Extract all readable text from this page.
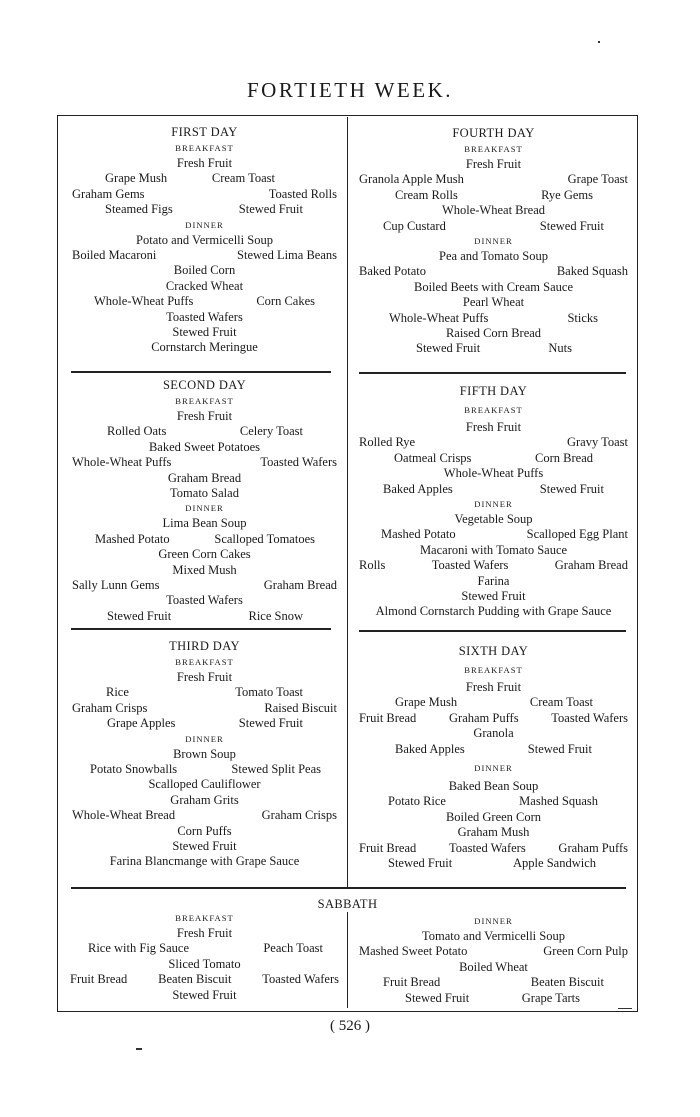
FORTIETH WEEK.
FIRST DAY
BREAKFAST
Fresh Fruit
Grape Mush	Cream Toast
Graham Gems	Toasted Rolls
Steamed Figs	Stewed Fruit
DINNER
Potato and Vermicelli Soup
Boiled Macaroni	Stewed Lima Beans
Boiled Corn
Cracked Wheat
Whole-Wheat Puffs	Corn Cakes
Toasted Wafers
Stewed Fruit
Cornstarch Meringue
SECOND DAY
BREAKFAST
Fresh Fruit
Rolled Oats	Celery Toast
Baked Sweet Potatoes
Whole-Wheat Puffs	Toasted Wafers
Graham Bread
Tomato Salad
DINNER
Lima Bean Soup
Mashed Potato	Scalloped Tomatoes
Green Corn Cakes
Mixed Mush
Sally Lunn Gems	Graham Bread
Toasted Wafers
Stewed Fruit	Rice Snow
THIRD DAY
BREAKFAST
Fresh Fruit
Rice	Tomato Toast
Graham Crisps	Raised Biscuit
Grape Apples	Stewed Fruit
DINNER
Brown Soup
Potato Snowballs	Stewed Split Peas
Scalloped Cauliflower
Graham Grits
Whole-Wheat Bread	Graham Crisps
Corn Puffs
Stewed Fruit
Farina Blancmange with Grape Sauce
FOURTH DAY
BREAKFAST
Fresh Fruit
Granola Apple Mush	Grape Toast
Cream Rolls	Rye Gems
Whole-Wheat Bread
Cup Custard	Stewed Fruit
DINNER
Pea and Tomato Soup
Baked Potato	Baked Squash
Boiled Beets with Cream Sauce
Pearl Wheat
Whole-Wheat Puffs	Sticks
Raised Corn Bread
Stewed Fruit	Nuts
FIFTH DAY
BREAKFAST
Fresh Fruit
Rolled Rye	Gravy Toast
Oatmeal Crisps	Corn Bread
Whole-Wheat Puffs
Baked Apples	Stewed Fruit
DINNER
Vegetable Soup
Mashed Potato	Scalloped Egg Plant
Macaroni with Tomato Sauce
Rolls	Toasted Wafers	Graham Bread
Farina
Stewed Fruit
Almond Cornstarch Pudding with Grape Sauce
SIXTH DAY
BREAKFAST
Fresh Fruit
Grape Mush	Cream Toast
Fruit Bread	Graham Puffs	Toasted Wafers
Granola
Baked Apples	Stewed Fruit
DINNER
Baked Bean Soup
Potato Rice	Mashed Squash
Boiled Green Corn
Graham Mush
Fruit Bread	Toasted Wafers	Graham Puffs
Stewed Fruit	Apple Sandwich
SABBATH
BREAKFAST
Fresh Fruit
Rice with Fig Sauce	Peach Toast
Sliced Tomato
Fruit Bread Beaten Biscuit Toasted Wafers
Stewed Fruit
DINNER
Tomato and Vermicelli Soup
Mashed Sweet Potato	Green Corn Pulp
Boiled Wheat
Fruit Bread	Beaten Biscuit
Stewed Fruit	Grape Tarts
( 526 )
